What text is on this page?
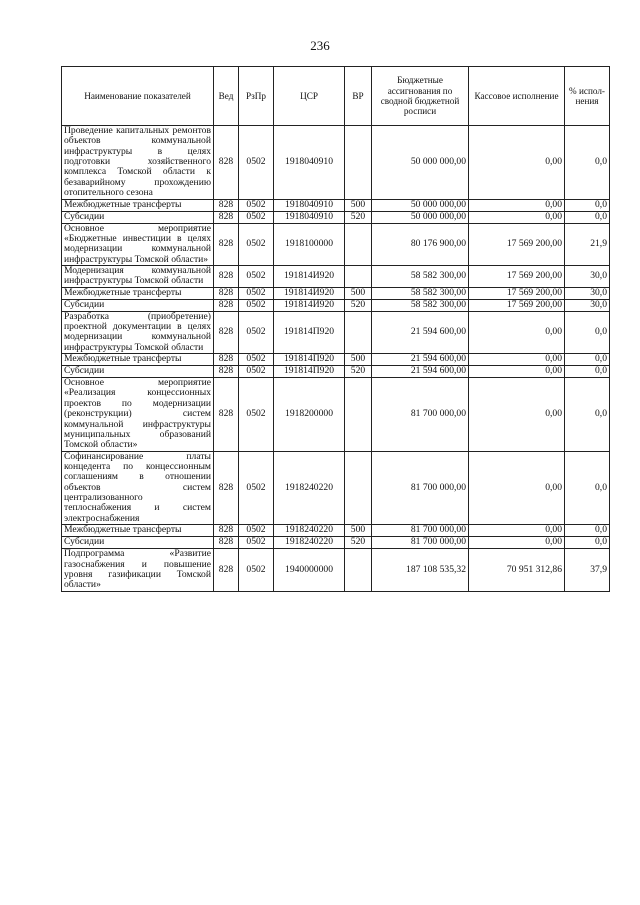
236
Наименование показателей	Вед	РзПр	ЦСР	ВР	Бюджетные ассигнования по сводной бюджетной росписи	Кассовое исполнение	% испол-нения
Проведение капитальных ремонтов объектов коммунальной инфраструктуры в целях подготовки хозяйственного комплекса Томской области к безаварийному прохождению отопительного сезона	828	0502	1918040910		50 000 000,00	0,00	0,0
Межбюджетные трансферты	828	0502	1918040910	500	50 000 000,00	0,00	0,0
Субсидии	828	0502	1918040910	520	50 000 000,00	0,00	0,0
Основное мероприятие «Бюджетные инвестиции в целях модернизации коммунальной инфраструктуры Томской области»	828	0502	1918100000		80 176 900,00	17 569 200,00	21,9
Модернизация коммунальной инфраструктуры Томской области	828	0502	191814И920		58 582 300,00	17 569 200,00	30,0
Межбюджетные трансферты	828	0502	191814И920	500	58 582 300,00	17 569 200,00	30,0
Субсидии	828	0502	191814И920	520	58 582 300,00	17 569 200,00	30,0
Разработка (приобретение) проектной документации в целях модернизации коммунальной инфраструктуры Томской области	828	0502	191814П920		21 594 600,00	0,00	0,0
Межбюджетные трансферты	828	0502	191814П920	500	21 594 600,00	0,00	0,0
Субсидии	828	0502	191814П920	520	21 594 600,00	0,00	0,0
Основное мероприятие «Реализация концессионных проектов по модернизации (реконструкции) систем коммунальной инфраструктуры муниципальных образований Томской области»	828	0502	1918200000		81 700 000,00	0,00	0,0
Софинансирование платы концедента по концессионным соглашениям в отношении объектов систем централизованного теплоснабжения и систем электроснабжения	828	0502	1918240220		81 700 000,00	0,00	0,0
Межбюджетные трансферты	828	0502	1918240220	500	81 700 000,00	0,00	0,0
Субсидии	828	0502	1918240220	520	81 700 000,00	0,00	0,0
Подпрограмма «Развитие газоснабжения и повышение уровня газификации Томской области»	828	0502	1940000000		187 108 535,32	70 951 312,86	37,9
